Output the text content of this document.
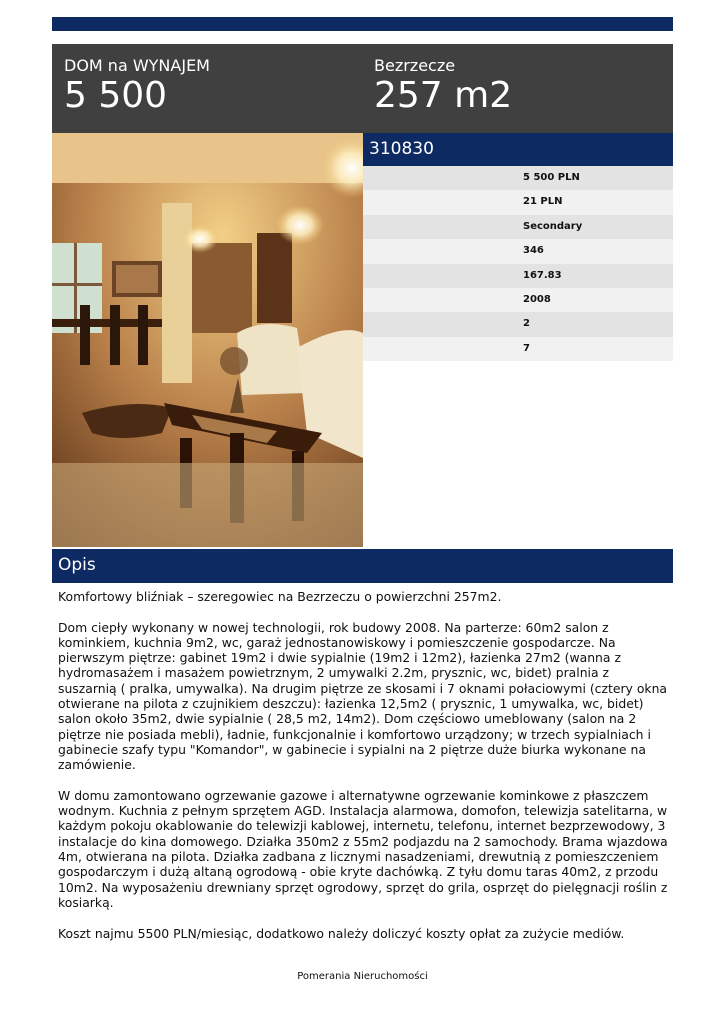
DOM na WYNAJEM
5 500
Bezrzecze
257 m2
310830
5 500 PLN
21 PLN
Secondary
346
167.83
2008
2
7
Opis

Komfortowy bliźniak – szeregowiec na Bezrzeczu o powierzchni 257m2.

Dom ciepły wykonany w nowej technologii, rok budowy 2008. Na parterze: 60m2 salon z kominkiem, kuchnia 9m2, wc, garaż jednostanowiskowy i pomieszczenie gospodarcze. Na pierwszym piętrze: gabinet 19m2 i dwie sypialnie (19m2 i 12m2), łazienka 27m2 (wanna z hydromasażem i masażem powietrznym, 2 umywalki 2.2m, prysznic, wc, bidet) pralnia z suszarnią ( pralka, umywalka). Na drugim piętrze ze skosami i 7 oknami połaciowymi (cztery okna otwierane na pilota z czujnikiem deszczu): łazienka 12,5m2 ( prysznic, 1 umywalka, wc, bidet) salon około 35m2, dwie sypialnie ( 28,5 m2, 14m2). Dom częściowo umeblowany (salon na 2 piętrze nie posiada mebli), ładnie, funkcjonalnie i komfortowo urządzony; w trzech sypialniach i gabinecie szafy typu "Komandor", w gabinecie i sypialni na 2 piętrze duże biurka wykonane na zamówienie.

W domu zamontowano ogrzewanie gazowe i alternatywne ogrzewanie kominkowe z płaszczem wodnym. Kuchnia z pełnym sprzętem AGD. Instalacja alarmowa, domofon, telewizja satelitarna, w każdym pokoju okablowanie do telewizji kablowej, internetu, telefonu, internet bezprzewodowy, 3 instalacje do kina domowego. Działka 350m2 z 55m2 podjazdu na 2 samochody. Brama wjazdowa 4m, otwierana na pilota. Działka zadbana z licznymi nasadzeniami, drewutnią z pomieszczeniem gospodarczym i dużą altaną ogrodową - obie kryte dachówką. Z tyłu domu taras 40m2, z przodu 10m2. Na wyposażeniu drewniany sprzęt ogrodowy, sprzęt do grila, osprzęt do pielęgnacji roślin z kosiarką.

Koszt najmu 5500 PLN/miesiąc, dodatkowo należy doliczyć koszty opłat za zużycie mediów.

Pomerania Nieruchomości
